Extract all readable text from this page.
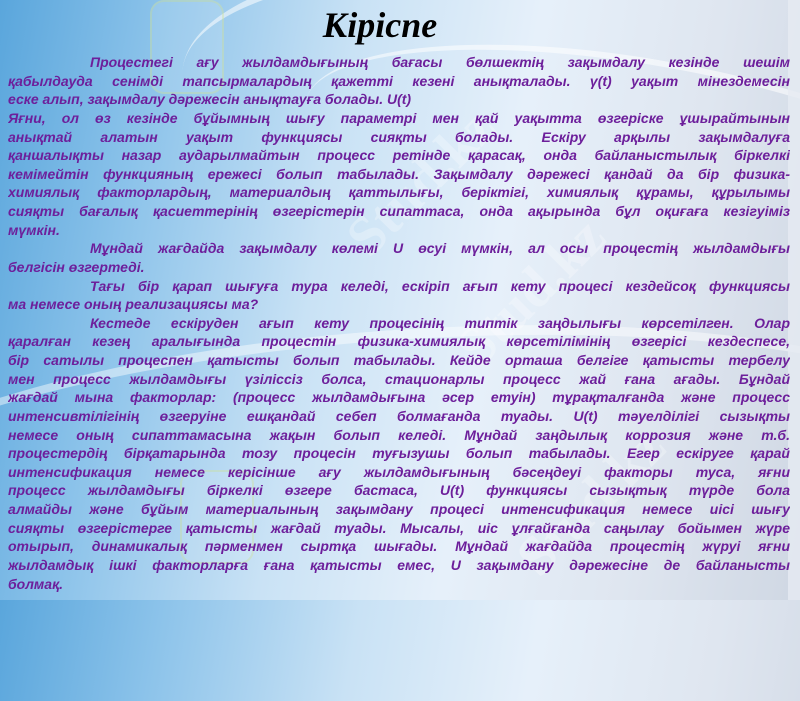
Stud.kz
Stud.kz
Stud.kz
Кіріспе
Процестегі ағу жылдамдығының бағасы бөлшектің зақымдалу кезінде шешім
қабылдауда сенімді тапсырмалардың қажетті кезені анықталады. γ(t) уақыт мінездемесін
еске алып, зақымдалу дәрежесін анықтауға болады. U(t)
Яғни, ол өз кезінде бұйымның шығу параметрі мен қай уақытта өзгеріске ұшырайтынын
анықтай алатын уақыт функциясы сияқты болады. Ескіру арқылы зақымдалуға
қаншалықты назар аударылмайтын процесс ретінде қарасақ, онда байланыстылық біркелкі
кемімейтін функцияның ережесі болып табылады. Зақымдалу дәрежесі қандай да бір физика-
химиялық факторлардың, материалдың қаттылығы, беріктігі, химиялық құрамы, құрылымы
сияқты бағалық қасиеттерінің өзгерістерін сипаттаса, онда ақырында бұл оқиғаға кезігуіміз
мүмкін.
Мұндай жағдайда зақымдалу көлемі U өсуі мүмкін, ал осы процестің жылдамдығы
белгісін өзгертеді.
Тағы бір қарап шығуға тура келеді, ескіріп ағып кету процесі кездейсоқ функциясы
ма немесе оның реализациясы ма?
Кестеде ескіруден ағып кету процесінің типтік заңдылығы көрсетілген. Олар
қаралған кезең аралығында процестін физика-химиялық көрсетілімінің өзгерісі кездеспесе,
бір сатылы процеспен қатысты болып табылады. Кейде орташа белгіге қатысты тербелу
мен процесс жылдамдығы үзіліссіз болса, стационарлы процесс жай ғана ағады. Бұндай
жағдай мына факторлар: (процесс жылдамдығына әсер етуін) тұрақталғанда және процесс
интенсивтілігінің өзгеруіне ешқандай себеп болмағанда туады. U(t) тәуелділігі сызықты
немесе оның сипаттамасына жақын болып келеді. Мұндай заңдылық коррозия және т.б.
процестердің бірқатарында тозу процесін туғызушы болып табылады. Егер ескіруге қарай
интенсификация немесе керісінше ағу жылдамдығының бәсеңдеуі факторы туса, яғни
процесс жылдамдығы біркелкі өзгере бастаса, U(t) функциясы сызықтық түрде бола
алмайды және бұйым материалының зақымдану процесі интенсификация немесе иісі шығу
сияқты өзгерістерге қатысты жағдай туады. Мысалы, иіс ұлғайғанда саңылау бойымен жүре
отырып, динамикалық пәрменмен сыртқа шығады. Мұндай жағдайда процестің жүруі яғни
жылдамдық ішкі факторларға ғана қатысты емес, U зақымдану дәрежесіне де байланысты
болмақ.
